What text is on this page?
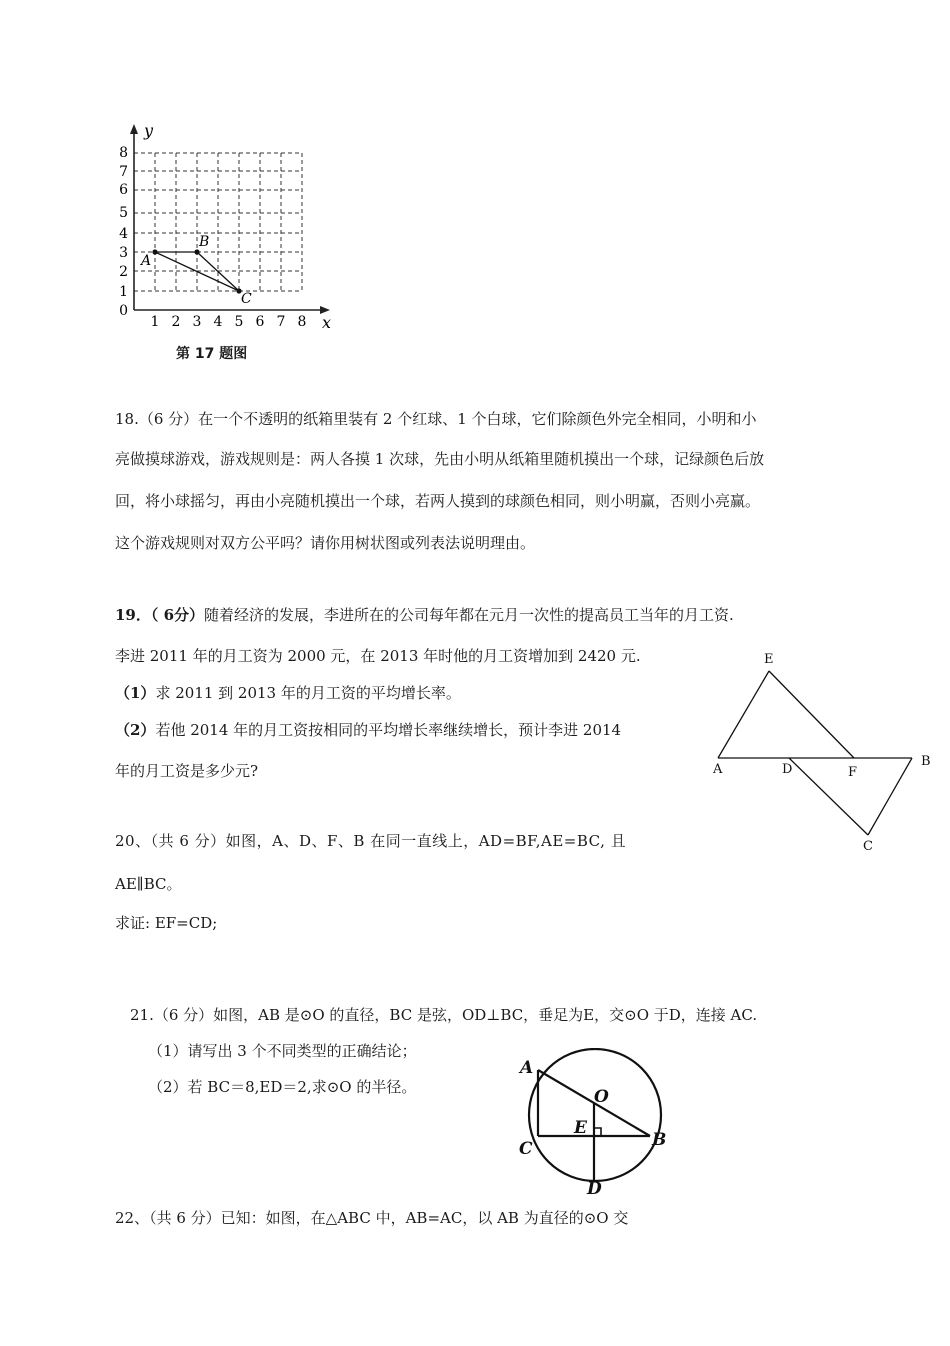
y
x
0
1
2
3
4
5
6
7
8
1 2 3 4 5 6 7 8
A
B
C
第 17 题图
18.（6 分）在一个不透明的纸箱里装有 2 个红球、1 个白球，它们除颜色外完全相同，小明和小
亮做摸球游戏，游戏规则是：两人各摸 1 次球，先由小明从纸箱里随机摸出一个球，记绿颜色后放
回，将小球摇匀，再由小亮随机摸出一个球，若两人摸到的球颜色相同，则小明赢，否则小亮赢。
这个游戏规则对双方公平吗？请你用树状图或列表法说明理由。
19．（ 6分）随着经济的发展，李进所在的公司每年都在元月一次性的提高员工当年的月工资.
李进 2011 年的月工资为 2000 元，在 2013 年时他的月工资增加到 2420 元.
（1）求 2011 到 2013 年的月工资的平均增长率。
（2）若他 2014 年的月工资按相同的平均增长率继续增长，预计李进 2014
年的月工资是多少元?
E
A	D	F
B
C
20、（共 6 分）如图，A、D、F、B 在同一直线上，AD=BF,AE=BC, 且
AE∥BC。
求证: EF=CD;
21.（6 分）如图，AB 是⊙O 的直径，BC 是弦，OD⊥BC，垂足为E，交⊙O 于D，连接 AC.
（1）请写出 3 个不同类型的正确结论；
（2）若 BC＝8,ED＝2,求⊙O 的半径。
A
O
E
C	B
D
22、（共 6 分）已知：如图，在△ABC 中，AB=AC，以 AB 为直径的⊙O 交
